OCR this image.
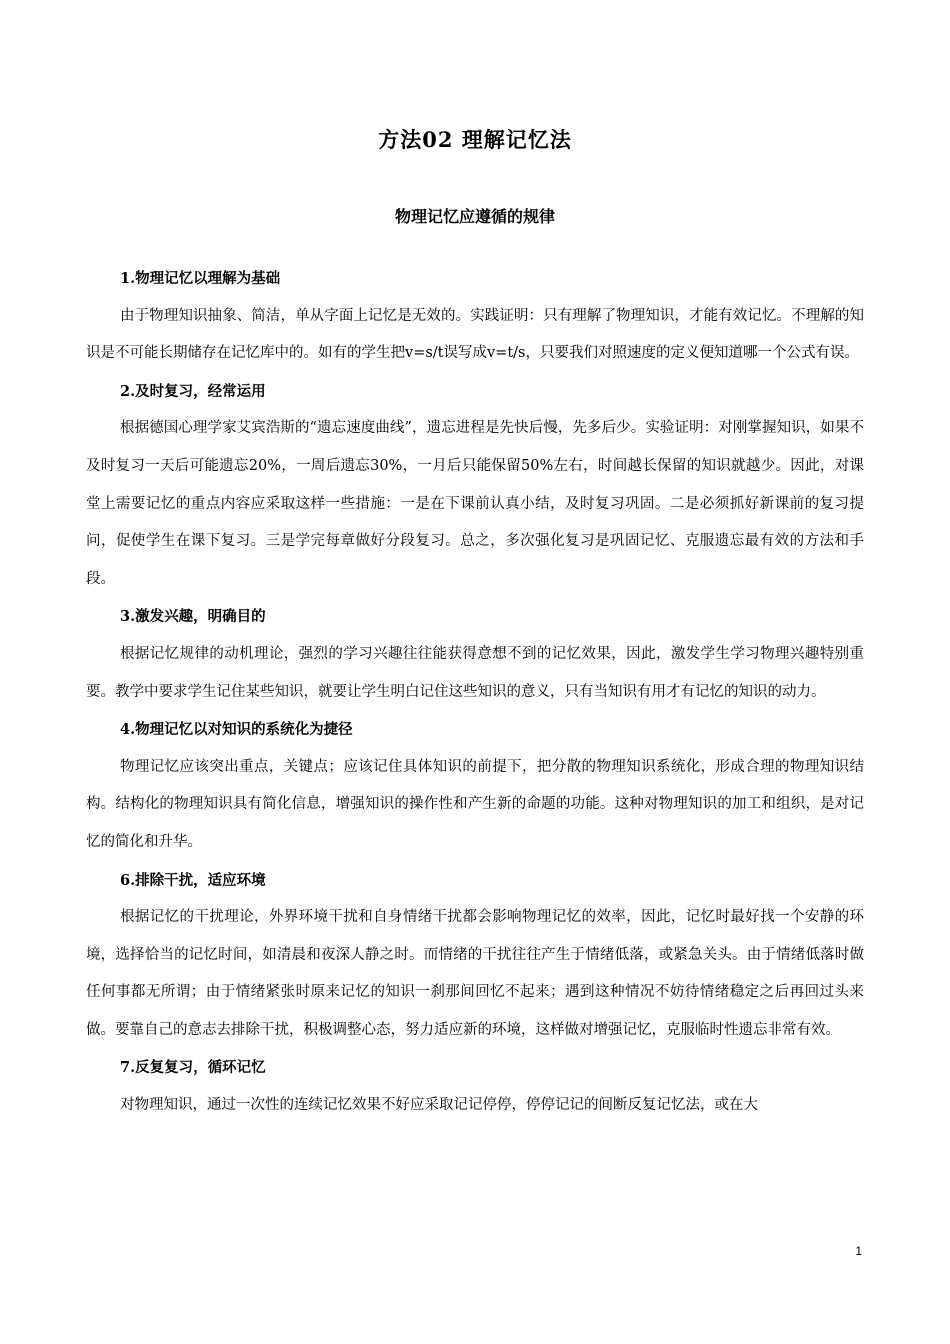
方法02 理解记忆法
物理记忆应遵循的规律

1.物理记忆以理解为基础

由于物理知识抽象、简洁，单从字面上记忆是无效的。实践证明：只有理解了物理知识，才能有效记忆。不理解的知识是不可能长期储存在记忆库中的。如有的学生把v=s/t误写成v=t/s，只要我们对照速度的定义便知道哪一个公式有误。

2.及时复习，经常运用

根据德国心理学家艾宾浩斯的“遗忘速度曲线”，遗忘进程是先快后慢，先多后少。实验证明：对刚掌握知识，如果不及时复习一天后可能遗忘20%，一周后遗忘30%，一月后只能保留50%左右，时间越长保留的知识就越少。因此，对课堂上需要记忆的重点内容应采取这样一些措施：一是在下课前认真小结，及时复习巩固。二是必须抓好新课前的复习提问，促使学生在课下复习。三是学完每章做好分段复习。总之，多次强化复习是巩固记忆、克服遗忘最有效的方法和手段。

3.激发兴趣，明确目的

根据记忆规律的动机理论，强烈的学习兴趣往往能获得意想不到的记忆效果，因此，激发学生学习物理兴趣特别重要。教学中要求学生记住某些知识，就要让学生明白记住这些知识的意义，只有当知识有用才有记忆的知识的动力。

4.物理记忆以对知识的系统化为捷径

物理记忆应该突出重点，关键点；应该记住具体知识的前提下，把分散的物理知识系统化，形成合理的物理知识结构。结构化的物理知识具有简化信息，增强知识的操作性和产生新的命题的功能。这种对物理知识的加工和组织，是对记忆的简化和升华。

6.排除干扰，适应环境

根据记忆的干扰理论，外界环境干扰和自身情绪干扰都会影响物理记忆的效率，因此，记忆时最好找一个安静的环境，选择恰当的记忆时间，如清晨和夜深人静之时。而情绪的干扰往往产生于情绪低落，或紧急关头。由于情绪低落时做任何事都无所谓；由于情绪紧张时原来记忆的知识一刹那间回忆不起来；遇到这种情况不妨待情绪稳定之后再回过头来做。要靠自己的意志去排除干扰，积极调整心态，努力适应新的环境，这样做对增强记忆，克服临时性遗忘非常有效。

7.反复复习，循环记忆

对物理知识，通过一次性的连续记忆效果不好应采取记记停停，停停记记的间断反复记忆法，或在大

1
